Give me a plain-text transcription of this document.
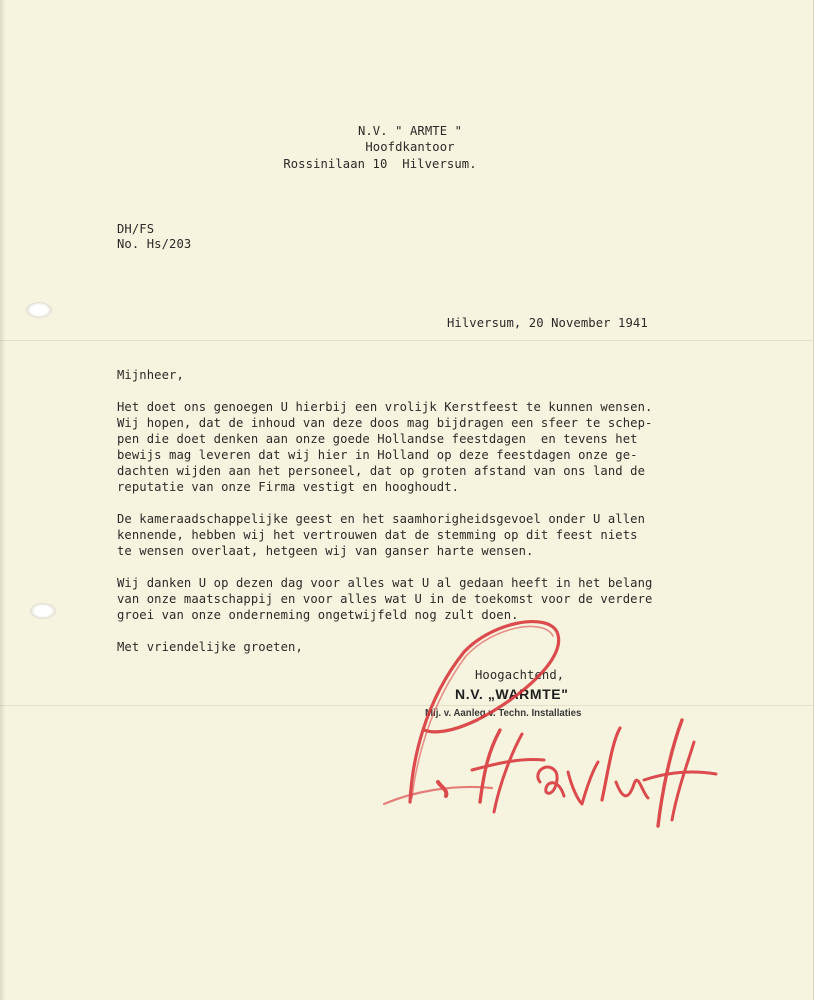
N.V. " ARMTE "
Hoofdkantoor
Rossinilaan 10  Hilversum.
DH/FS
No. Hs/203
Hilversum, 20 November 1941
Mijnheer,
Het doet ons genoegen U hierbij een vrolijk Kerstfeest te kunnen wensen.
Wij hopen, dat de inhoud van deze doos mag bijdragen een sfeer te schep-
pen die doet denken aan onze goede Hollandse feestdagen  en tevens het
bewijs mag leveren dat wij hier in Holland op deze feestdagen onze ge-
dachten wijden aan het personeel, dat op groten afstand van ons land de
reputatie van onze Firma vestigt en hooghoudt.
De kameraadschappelijke geest en het saamhorigheidsgevoel onder U allen
kennende, hebben wij het vertrouwen dat de stemming op dit feest niets
te wensen overlaat, hetgeen wij van ganser harte wensen.
Wij danken U op dezen dag voor alles wat U al gedaan heeft in het belang
van onze maatschappij en voor alles wat U in de toekomst voor de verdere
groei van onze onderneming ongetwijfeld nog zult doen.
Met vriendelijke groeten,
Hoogachtend,
N.V. „WARMTE"
Mij. v. Aanleg v. Techn. Installaties
